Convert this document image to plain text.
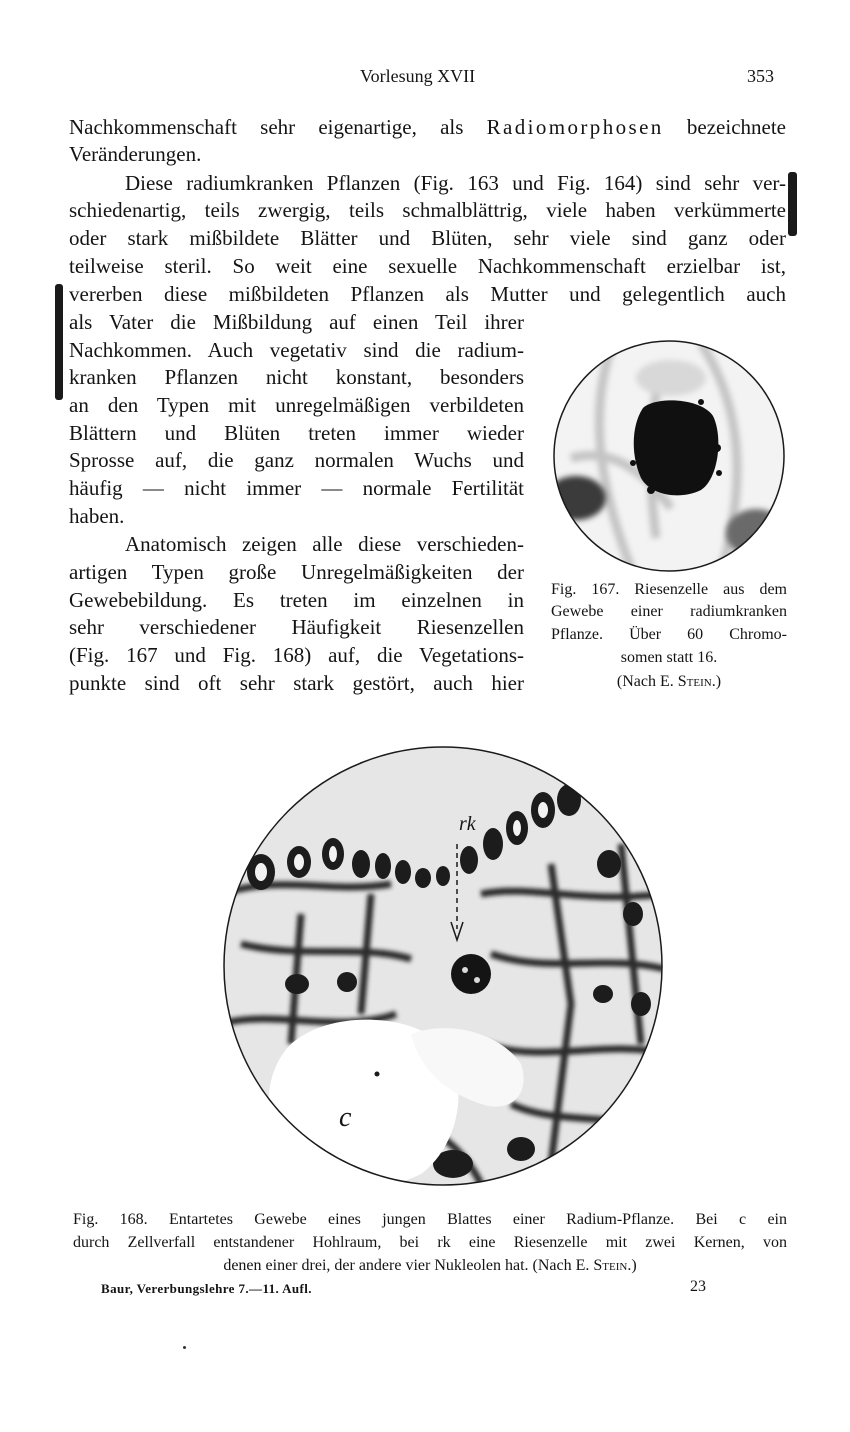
Vorlesung XVII	353
Nachkommenschaft sehr eigenartige, als Radiomorphosen bezeichnete
Veränderungen.
Diese radiumkranken Pflanzen (Fig. 163 und Fig. 164) sind sehr ver-
schiedenartig, teils zwergig, teils schmalblättrig, viele haben verkümmerte
oder stark mißbildete Blätter und Blüten, sehr viele sind ganz oder
teilweise steril. So weit eine sexuelle Nachkommenschaft erzielbar ist,
vererben diese mißbildeten Pflanzen als Mutter und gelegentlich auch
als Vater die Mißbildung auf einen Teil ihrer
Nachkommen. Auch vegetativ sind die radium-
kranken Pflanzen nicht konstant, besonders
an den Typen mit unregelmäßigen verbildeten
Blättern und Blüten treten immer wieder
Sprosse auf, die ganz normalen Wuchs und
häufig — nicht immer — normale Fertilität
haben.
Anatomisch zeigen alle diese verschieden-
artigen Typen große Unregelmäßigkeiten der
Gewebebildung. Es treten im einzelnen in
sehr verschiedener Häufigkeit Riesenzellen
(Fig. 167 und Fig. 168) auf, die Vegetations-
punkte sind oft sehr stark gestört, auch hier
Fig. 167. Riesenzelle aus dem
Gewebe einer radiumkranken
Pflanze. Über 60 Chromo-
somen statt 16.
(Nach E. Stein.)
rk
c
Fig. 168. Entartetes Gewebe eines jungen Blattes einer Radium-Pflanze. Bei c ein
durch Zellverfall entstandener Hohlraum, bei rk eine Riesenzelle mit zwei Kernen, von
denen einer drei, der andere vier Nukleolen hat. (Nach E. Stein.)
Baur, Vererbungslehre 7.—11. Aufl.	23
